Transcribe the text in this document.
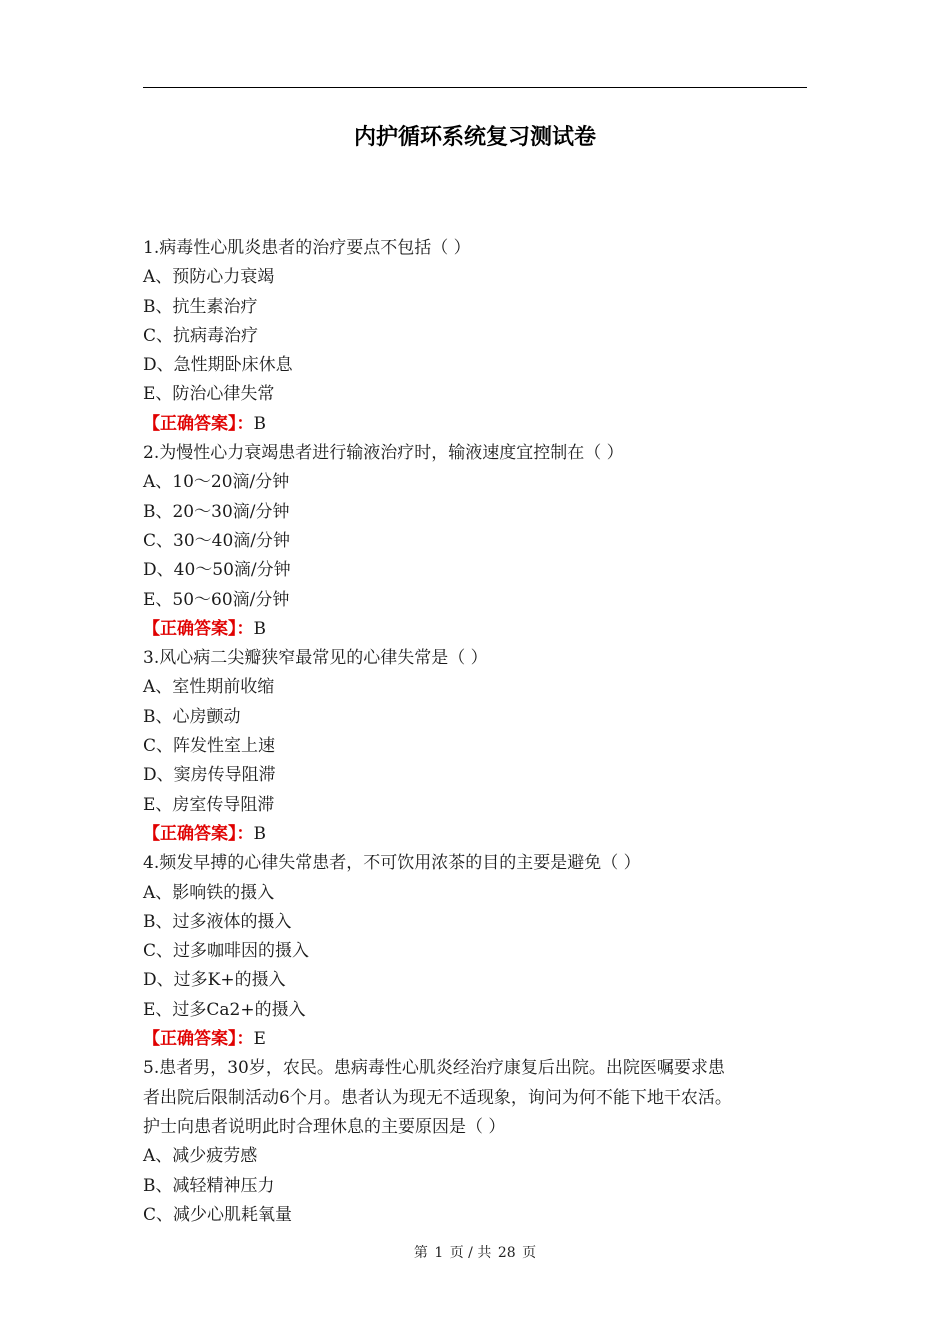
内护循环系统复习测试卷
1.病毒性心肌炎患者的治疗要点不包括（ ）
A、预防心力衰竭
B、抗生素治疗
C、抗病毒治疗
D、急性期卧床休息
E、防治心律失常
【正确答案】：B
2.为慢性心力衰竭患者进行输液治疗时，输液速度宜控制在（ ）
A、10～20滴/分钟
B、20～30滴/分钟
C、30～40滴/分钟
D、40～50滴/分钟
E、50～60滴/分钟
【正确答案】：B
3.风心病二尖瓣狭窄最常见的心律失常是（ ）
A、室性期前收缩
B、心房颤动
C、阵发性室上速
D、窦房传导阻滞
E、房室传导阻滞
【正确答案】：B
4.频发早搏的心律失常患者，不可饮用浓茶的目的主要是避免（ ）
A、影响铁的摄入
B、过多液体的摄入
C、过多咖啡因的摄入
D、过多K+的摄入
E、过多Ca2+的摄入
【正确答案】：E
5.患者男，30岁，农民。患病毒性心肌炎经治疗康复后出院。出院医嘱要求患
者出院后限制活动6个月。患者认为现无不适现象，询问为何不能下地干农活。
护士向患者说明此时合理休息的主要原因是（ ）
A、减少疲劳感
B、减轻精神压力
C、减少心肌耗氧量
第 1 页 / 共 28 页
